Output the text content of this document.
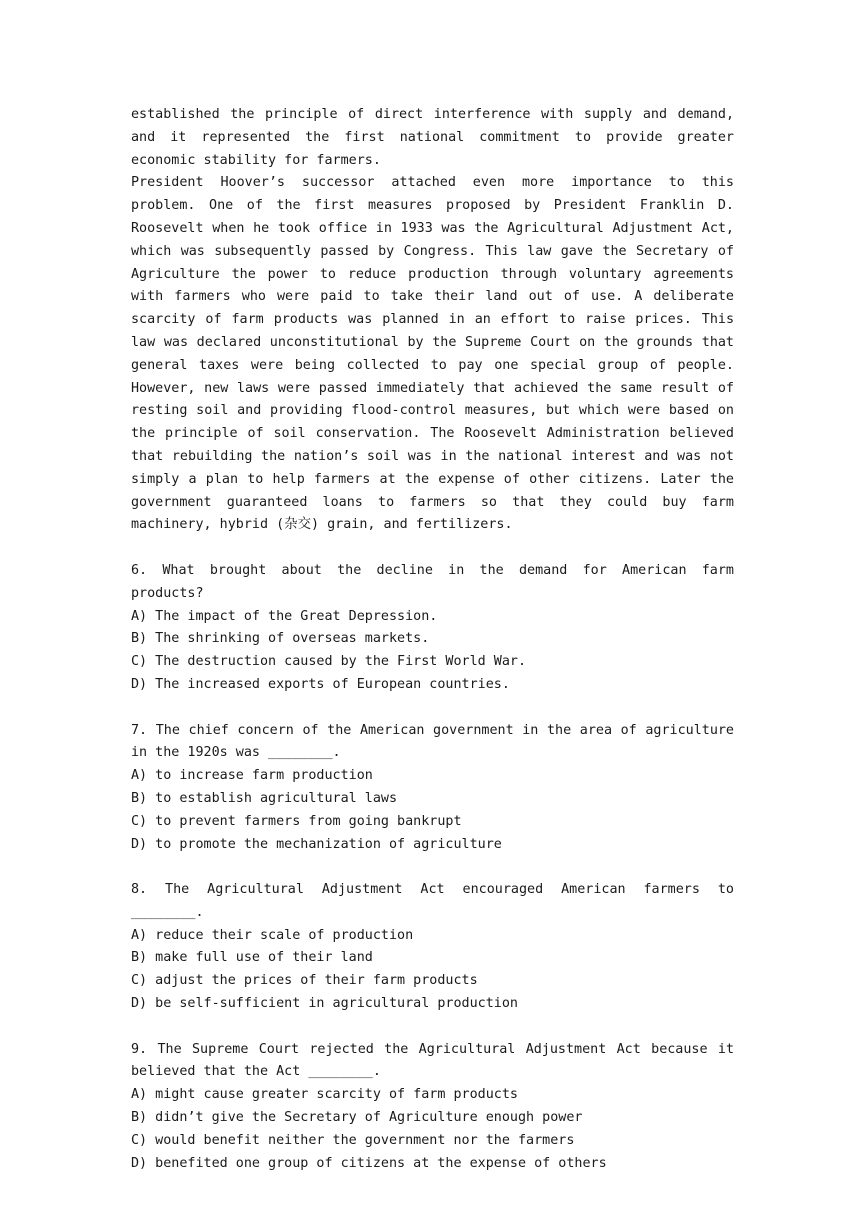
established the principle of direct interference with supply and demand, and it represented the first national commitment to provide greater economic stability for farmers.

President Hoover’s successor attached even more importance to this problem. One of the first measures proposed by President Franklin D. Roosevelt when he took office in 1933 was the Agricultural Adjustment Act, which was subsequently passed by Congress. This law gave the Secretary of Agriculture the power to reduce production through voluntary agreements with farmers who were paid to take their land out of use. A deliberate scarcity of farm products was planned in an effort to raise prices. This law was declared unconstitutional by the Supreme Court on the grounds that general taxes were being collected to pay one special group of people. However, new laws were passed immediately that achieved the same result of resting soil and providing flood-control measures, but which were based on the principle of soil conservation. The Roosevelt Administration believed that rebuilding the nation’s soil was in the national interest and was not simply a plan to help farmers at the expense of other citizens. Later the government guaranteed loans to farmers so that they could buy farm machinery, hybrid (杂交) grain, and fertilizers.

6. What brought about the decline in the demand for American farm products?

A) The impact of the Great Depression.

B) The shrinking of overseas markets.

C) The destruction caused by the First World War.

D) The increased exports of European countries.

7. The chief concern of the American government in the area of agriculture in the 1920s was ________.

A) to increase farm production

B) to establish agricultural laws

C) to prevent farmers from going bankrupt

D) to promote the mechanization of agriculture

8. The Agricultural Adjustment Act encouraged American farmers to ________.

A) reduce their scale of production

B) make full use of their land

C) adjust the prices of their farm products

D) be self-sufficient in agricultural production

9. The Supreme Court rejected the Agricultural Adjustment Act because it believed that the Act ________.

A) might cause greater scarcity of farm products

B) didn’t give the Secretary of Agriculture enough power

C) would benefit neither the government nor the farmers

D) benefited one group of citizens at the expense of others
